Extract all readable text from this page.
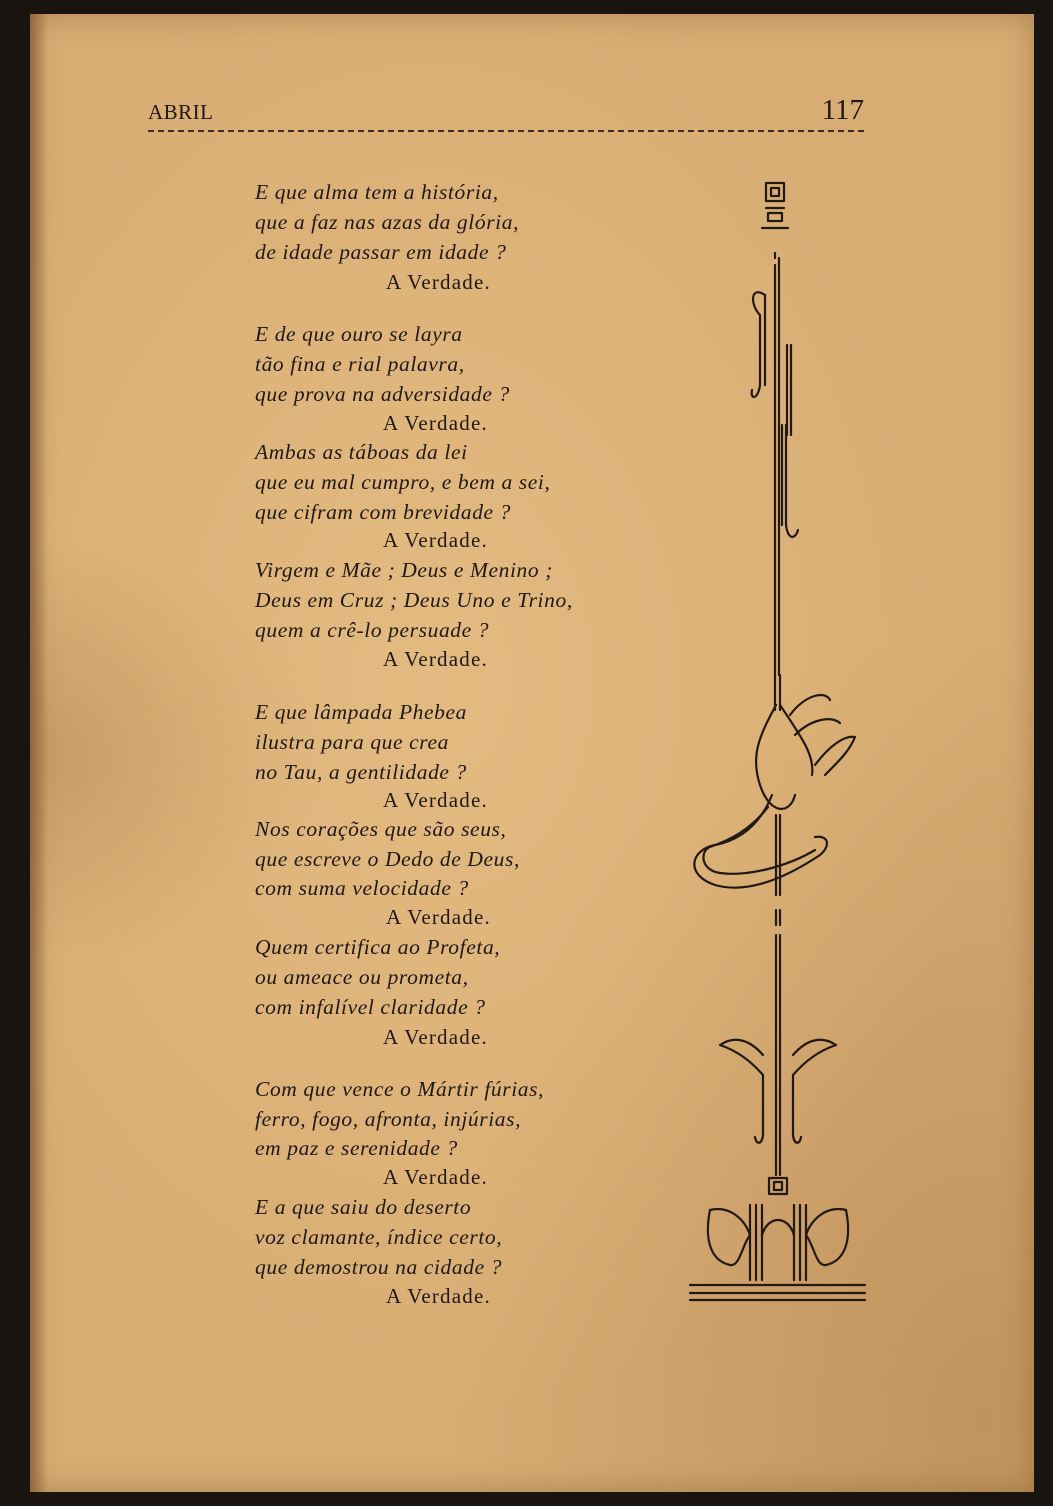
ABRIL	117
E que alma tem a história,
que a faz nas azas da glória,
de idade passar em idade ?
A Verdade.
E de que ouro se layra
tão fina e rial palavra,
que prova na adversidade ?
A Verdade.
Ambas as táboas da lei
que eu mal cumpro, e bem a sei,
que cifram com brevidade ?
A Verdade.
Virgem e Mãe ; Deus e Menino ;
Deus em Cruz ; Deus Uno e Trino,
quem a crê-lo persuade ?
A Verdade.
E que lâmpada Phebea
ilustra para que crea
no Tau, a gentilidade ?
A Verdade.
Nos corações que são seus,
que escreve o Dedo de Deus,
com suma velocidade ?
A Verdade.
Quem certifica ao Profeta,
ou ameace ou prometa,
com infalível claridade ?
A Verdade.
Com que vence o Mártir fúrias,
ferro, fogo, afronta, injúrias,
em paz e serenidade ?
A Verdade.
E a que saiu do deserto
voz clamante, índice certo,
que demostrou na cidade ?
A Verdade.
